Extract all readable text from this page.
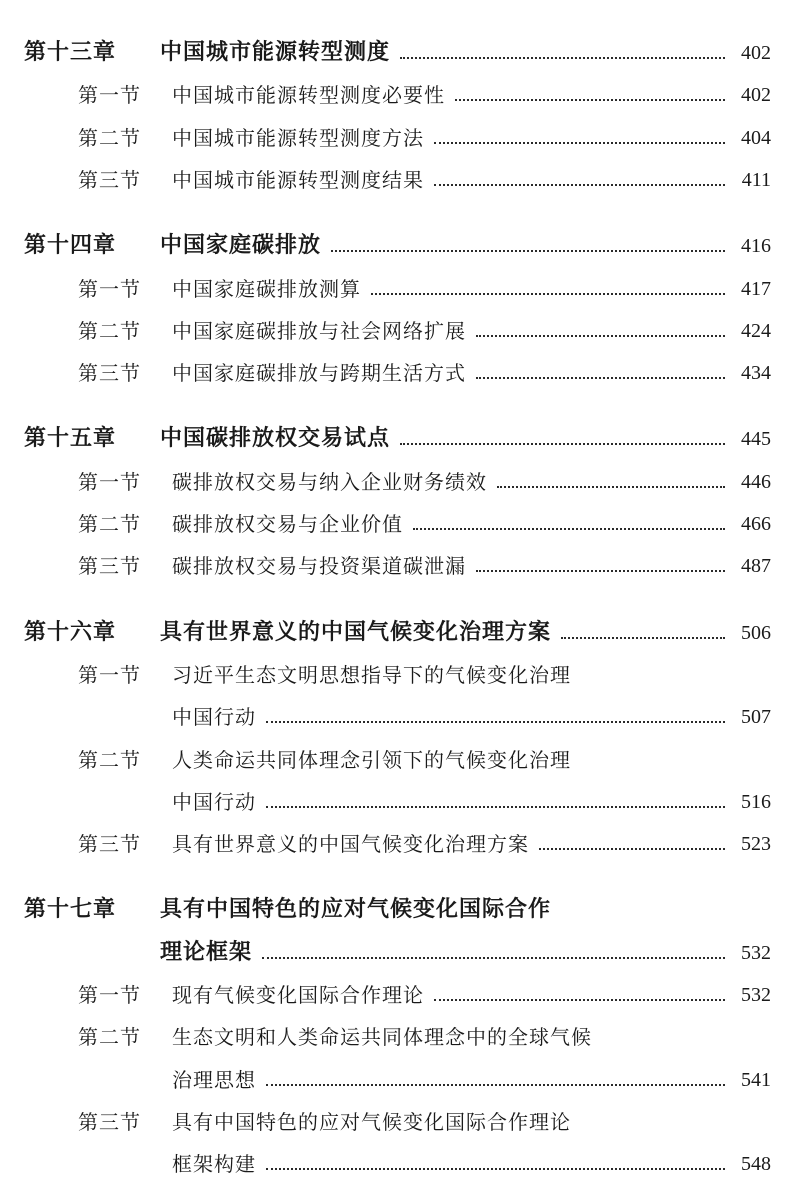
第十三章 中国城市能源转型测度	402
第一节 中国城市能源转型测度必要性	402
第二节 中国城市能源转型测度方法	404
第三节 中国城市能源转型测度结果	411
第十四章 中国家庭碳排放	416
第一节 中国家庭碳排放测算	417
第二节 中国家庭碳排放与社会网络扩展	424
第三节 中国家庭碳排放与跨期生活方式	434
第十五章 中国碳排放权交易试点	445
第一节 碳排放权交易与纳入企业财务绩效	446
第二节 碳排放权交易与企业价值	466
第三节 碳排放权交易与投资渠道碳泄漏	487
第十六章 具有世界意义的中国气候变化治理方案	506
第一节 习近平生态文明思想指导下的气候变化治理
中国行动	507
第二节 人类命运共同体理念引领下的气候变化治理
中国行动	516
第三节 具有世界意义的中国气候变化治理方案	523
第十七章 具有中国特色的应对气候变化国际合作
理论框架	532
第一节 现有气候变化国际合作理论	532
第二节 生态文明和人类命运共同体理念中的全球气候
治理思想	541
第三节 具有中国特色的应对气候变化国际合作理论
框架构建	548
